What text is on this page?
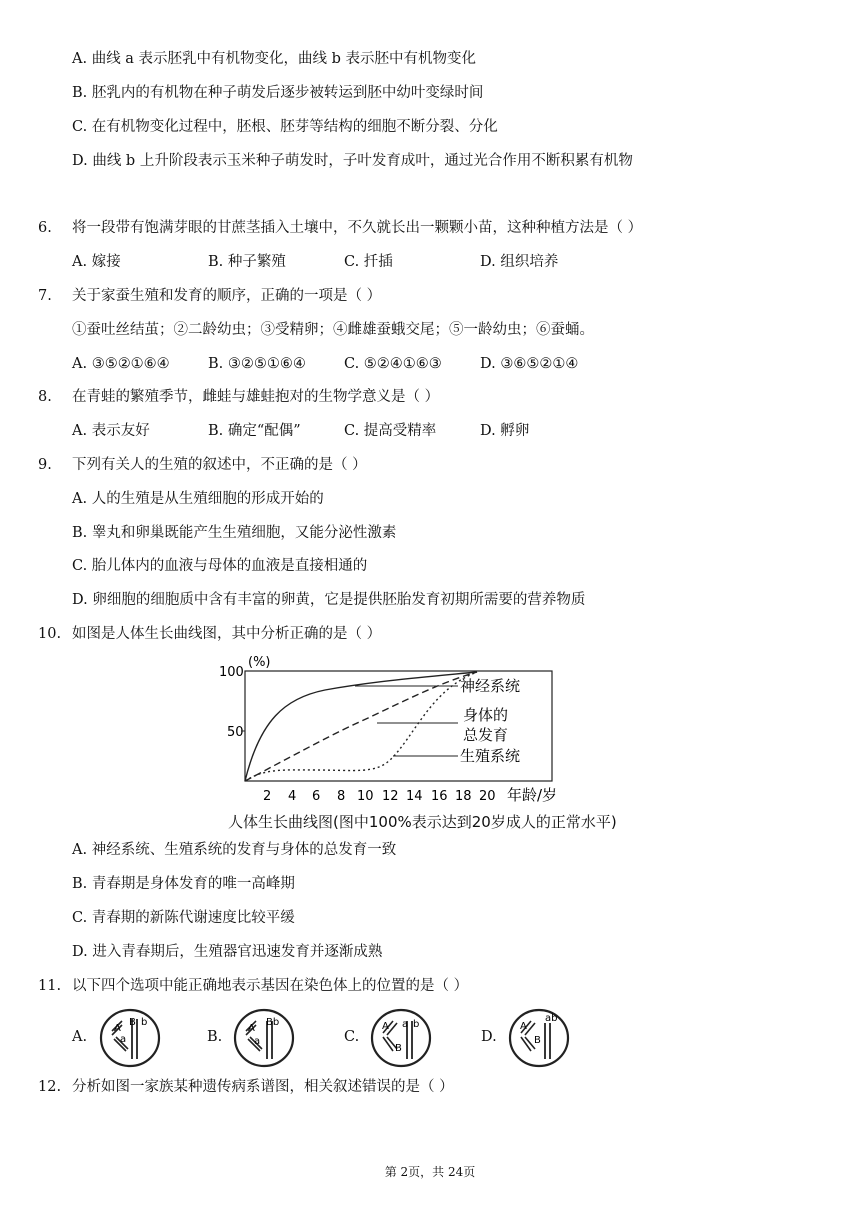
A. 曲线 a 表示胚乳中有机物变化，曲线 b 表示胚中有机物变化
B. 胚乳内的有机物在种子萌发后逐步被转运到胚中幼叶变绿时间
C. 在有机物变化过程中，胚根、胚芽等结构的细胞不断分裂、分化
D. 曲线 b 上升阶段表示玉米种子萌发时，子叶发育成叶，通过光合作用不断积累有机物
6. 将一段带有饱满芽眼的甘蔗茎插入土壤中，不久就长出一颗颗小苗，这种种植方法是（ ）
A. 嫁接	B. 种子繁殖	C. 扦插	D. 组织培养
7. 关于家蚕生殖和发育的顺序，正确的一项是（ ）
①蚕吐丝结茧；②二龄幼虫；③受精卵；④雌雄蚕蛾交尾；⑤一龄幼虫；⑥蚕蛹。
A. ③⑤②①⑥④	B. ③②⑤①⑥④	C. ⑤②④①⑥③	D. ③⑥⑤②①④
8. 在青蛙的繁殖季节，雌蛙与雄蛙抱对的生物学意义是（ ）
A. 表示友好	B. 确定“配偶”	C. 提高受精率	D. 孵卵
9. 下列有关人的生殖的叙述中，不正确的是（ ）
A. 人的生殖是从生殖细胞的形成开始的
B. 睾丸和卵巢既能产生生殖细胞，又能分泌性激素
C. 胎儿体内的血液与母体的血液是直接相通的
D. 卵细胞的细胞质中含有丰富的卵黄，它是提供胚胎发育初期所需要的营养物质
10. 如图是人体生长曲线图，其中分析正确的是（ ）
(%)
100
50
2 4 6 8 10 12 14 16 18 20 年龄/岁
神经系统
身体的
总发育
生殖系统
人体生长曲线图(图中100%表示达到20岁成人的正常水平)
A. 神经系统、生殖系统的发育与身体的总发育一致
B. 青春期是身体发育的唯一高峰期
C. 青春期的新陈代谢速度比较平缓
D. 进入青春期后，生殖器官迅速发育并逐渐成熟
11. 以下四个选项中能正确地表示基因在染色体上的位置的是（ ）
A.
A
a
B b
B.
A
a
Bb
C.
A a
B
b
D.
A
B
ab
12. 分析如图一家族某种遗传病系谱图，相关叙述错误的是（ ）
第 2页，共 24页
